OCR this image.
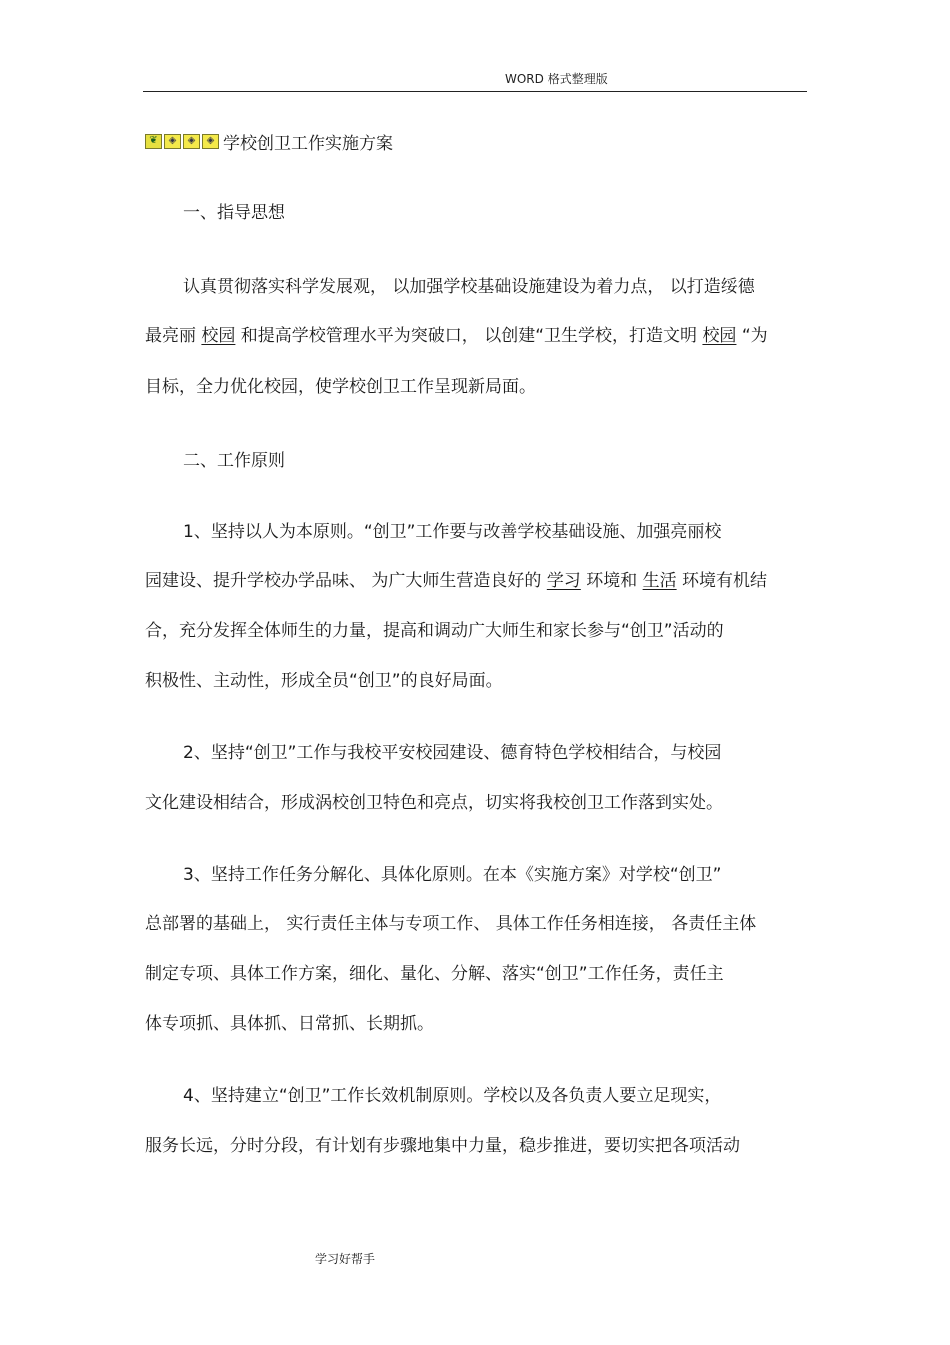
WORD 格式整理版
❦	◈	◈	◈ 学校创卫工作实施方案
一、指导思想
认真贯彻落实科学发展观， 以加强学校基础设施建设为着力点， 以打造绥德
最亮丽 校园 和提高学校管理水平为突破口， 以创建“卫生学校，打造文明 校园 “为
目标，全力优化校园，使学校创卫工作呈现新局面。
二、工作原则
1、坚持以人为本原则。“创卫”工作要与改善学校基础设施、加强亮丽校
园建设、提升学校办学品味、 为广大师生营造良好的 学习 环境和 生活 环境有机结
合，充分发挥全体师生的力量，提高和调动广大师生和家长参与“创卫”活动的
积极性、主动性，形成全员“创卫”的良好局面。
2、坚持“创卫”工作与我校平安校园建设、德育特色学校相结合，与校园
文化建设相结合，形成涡校创卫特色和亮点，切实将我校创卫工作落到实处。
3、坚持工作任务分解化、具体化原则。在本《实施方案》对学校“创卫”
总部署的基础上， 实行责任主体与专项工作、 具体工作任务相连接， 各责任主体
制定专项、具体工作方案，细化、量化、分解、落实“创卫”工作任务，责任主
体专项抓、具体抓、日常抓、长期抓。
4、坚持建立“创卫”工作长效机制原则。学校以及各负责人要立足现实，
服务长远，分时分段，有计划有步骤地集中力量，稳步推进，要切实把各项活动
学习好帮手
